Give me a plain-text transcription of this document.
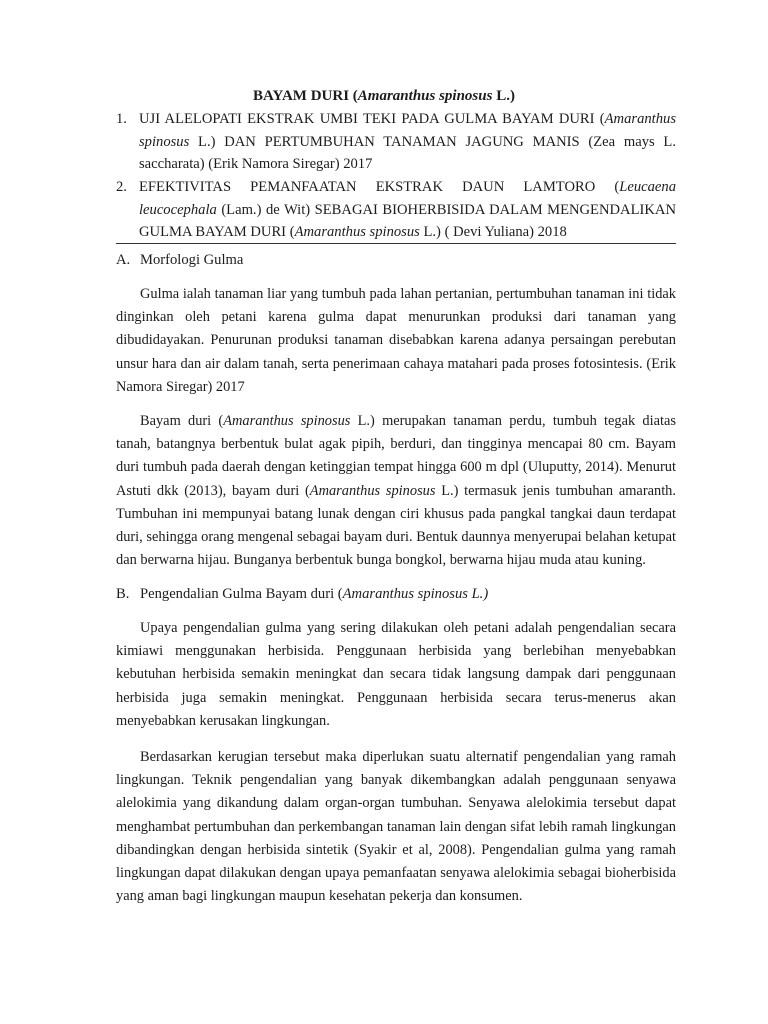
BAYAM DURI (Amaranthus spinosus L.)
1. UJI ALELOPATI EKSTRAK UMBI TEKI PADA GULMA BAYAM DURI (Amaranthus spinosus L.) DAN PERTUMBUHAN TANAMAN JAGUNG MANIS (Zea mays L. saccharata) (Erik Namora Siregar) 2017
2. EFEKTIVITAS PEMANFAATAN EKSTRAK DAUN LAMTORO (Leucaena leucocephala (Lam.) de Wit) SEBAGAI BIOHERBISIDA DALAM MENGENDALIKAN GULMA BAYAM DURI (Amaranthus spinosus L.) ( Devi Yuliana) 2018
A. Morfologi Gulma
Gulma ialah tanaman liar yang tumbuh pada lahan pertanian, pertumbuhan tanaman ini tidak dinginkan oleh petani karena gulma dapat menurunkan produksi dari tanaman yang dibudidayakan. Penurunan produksi tanaman disebabkan karena adanya persaingan perebutan unsur hara dan air dalam tanah, serta penerimaan cahaya matahari pada proses fotosintesis. (Erik Namora Siregar) 2017
Bayam duri (Amaranthus spinosus L.) merupakan tanaman perdu, tumbuh tegak diatas tanah, batangnya berbentuk bulat agak pipih, berduri, dan tingginya mencapai 80 cm. Bayam duri tumbuh pada daerah dengan ketinggian tempat hingga 600 m dpl (Uluputty, 2014). Menurut Astuti dkk (2013), bayam duri (Amaranthus spinosus L.) termasuk jenis tumbuhan amaranth. Tumbuhan ini mempunyai batang lunak dengan ciri khusus pada pangkal tangkai daun terdapat duri, sehingga orang mengenal sebagai bayam duri. Bentuk daunnya menyerupai belahan ketupat dan berwarna hijau. Bunganya berbentuk bunga bongkol, berwarna hijau muda atau kuning.
B. Pengendalian Gulma Bayam duri (Amaranthus spinosus L.)
Upaya pengendalian gulma yang sering dilakukan oleh petani adalah pengendalian secara kimiawi menggunakan herbisida. Penggunaan herbisida yang berlebihan menyebabkan kebutuhan herbisida semakin meningkat dan secara tidak langsung dampak dari penggunaan herbisida juga semakin meningkat. Penggunaan herbisida secara terus-menerus akan menyebabkan kerusakan lingkungan.
Berdasarkan kerugian tersebut maka diperlukan suatu alternatif pengendalian yang ramah lingkungan. Teknik pengendalian yang banyak dikembangkan adalah penggunaan senyawa alelokimia yang dikandung dalam organ-organ tumbuhan. Senyawa alelokimia tersebut dapat menghambat pertumbuhan dan perkembangan tanaman lain dengan sifat lebih ramah lingkungan dibandingkan dengan herbisida sintetik (Syakir et al, 2008). Pengendalian gulma yang ramah lingkungan dapat dilakukan dengan upaya pemanfaatan senyawa alelokimia sebagai bioherbisida yang aman bagi lingkungan maupun kesehatan pekerja dan konsumen.
